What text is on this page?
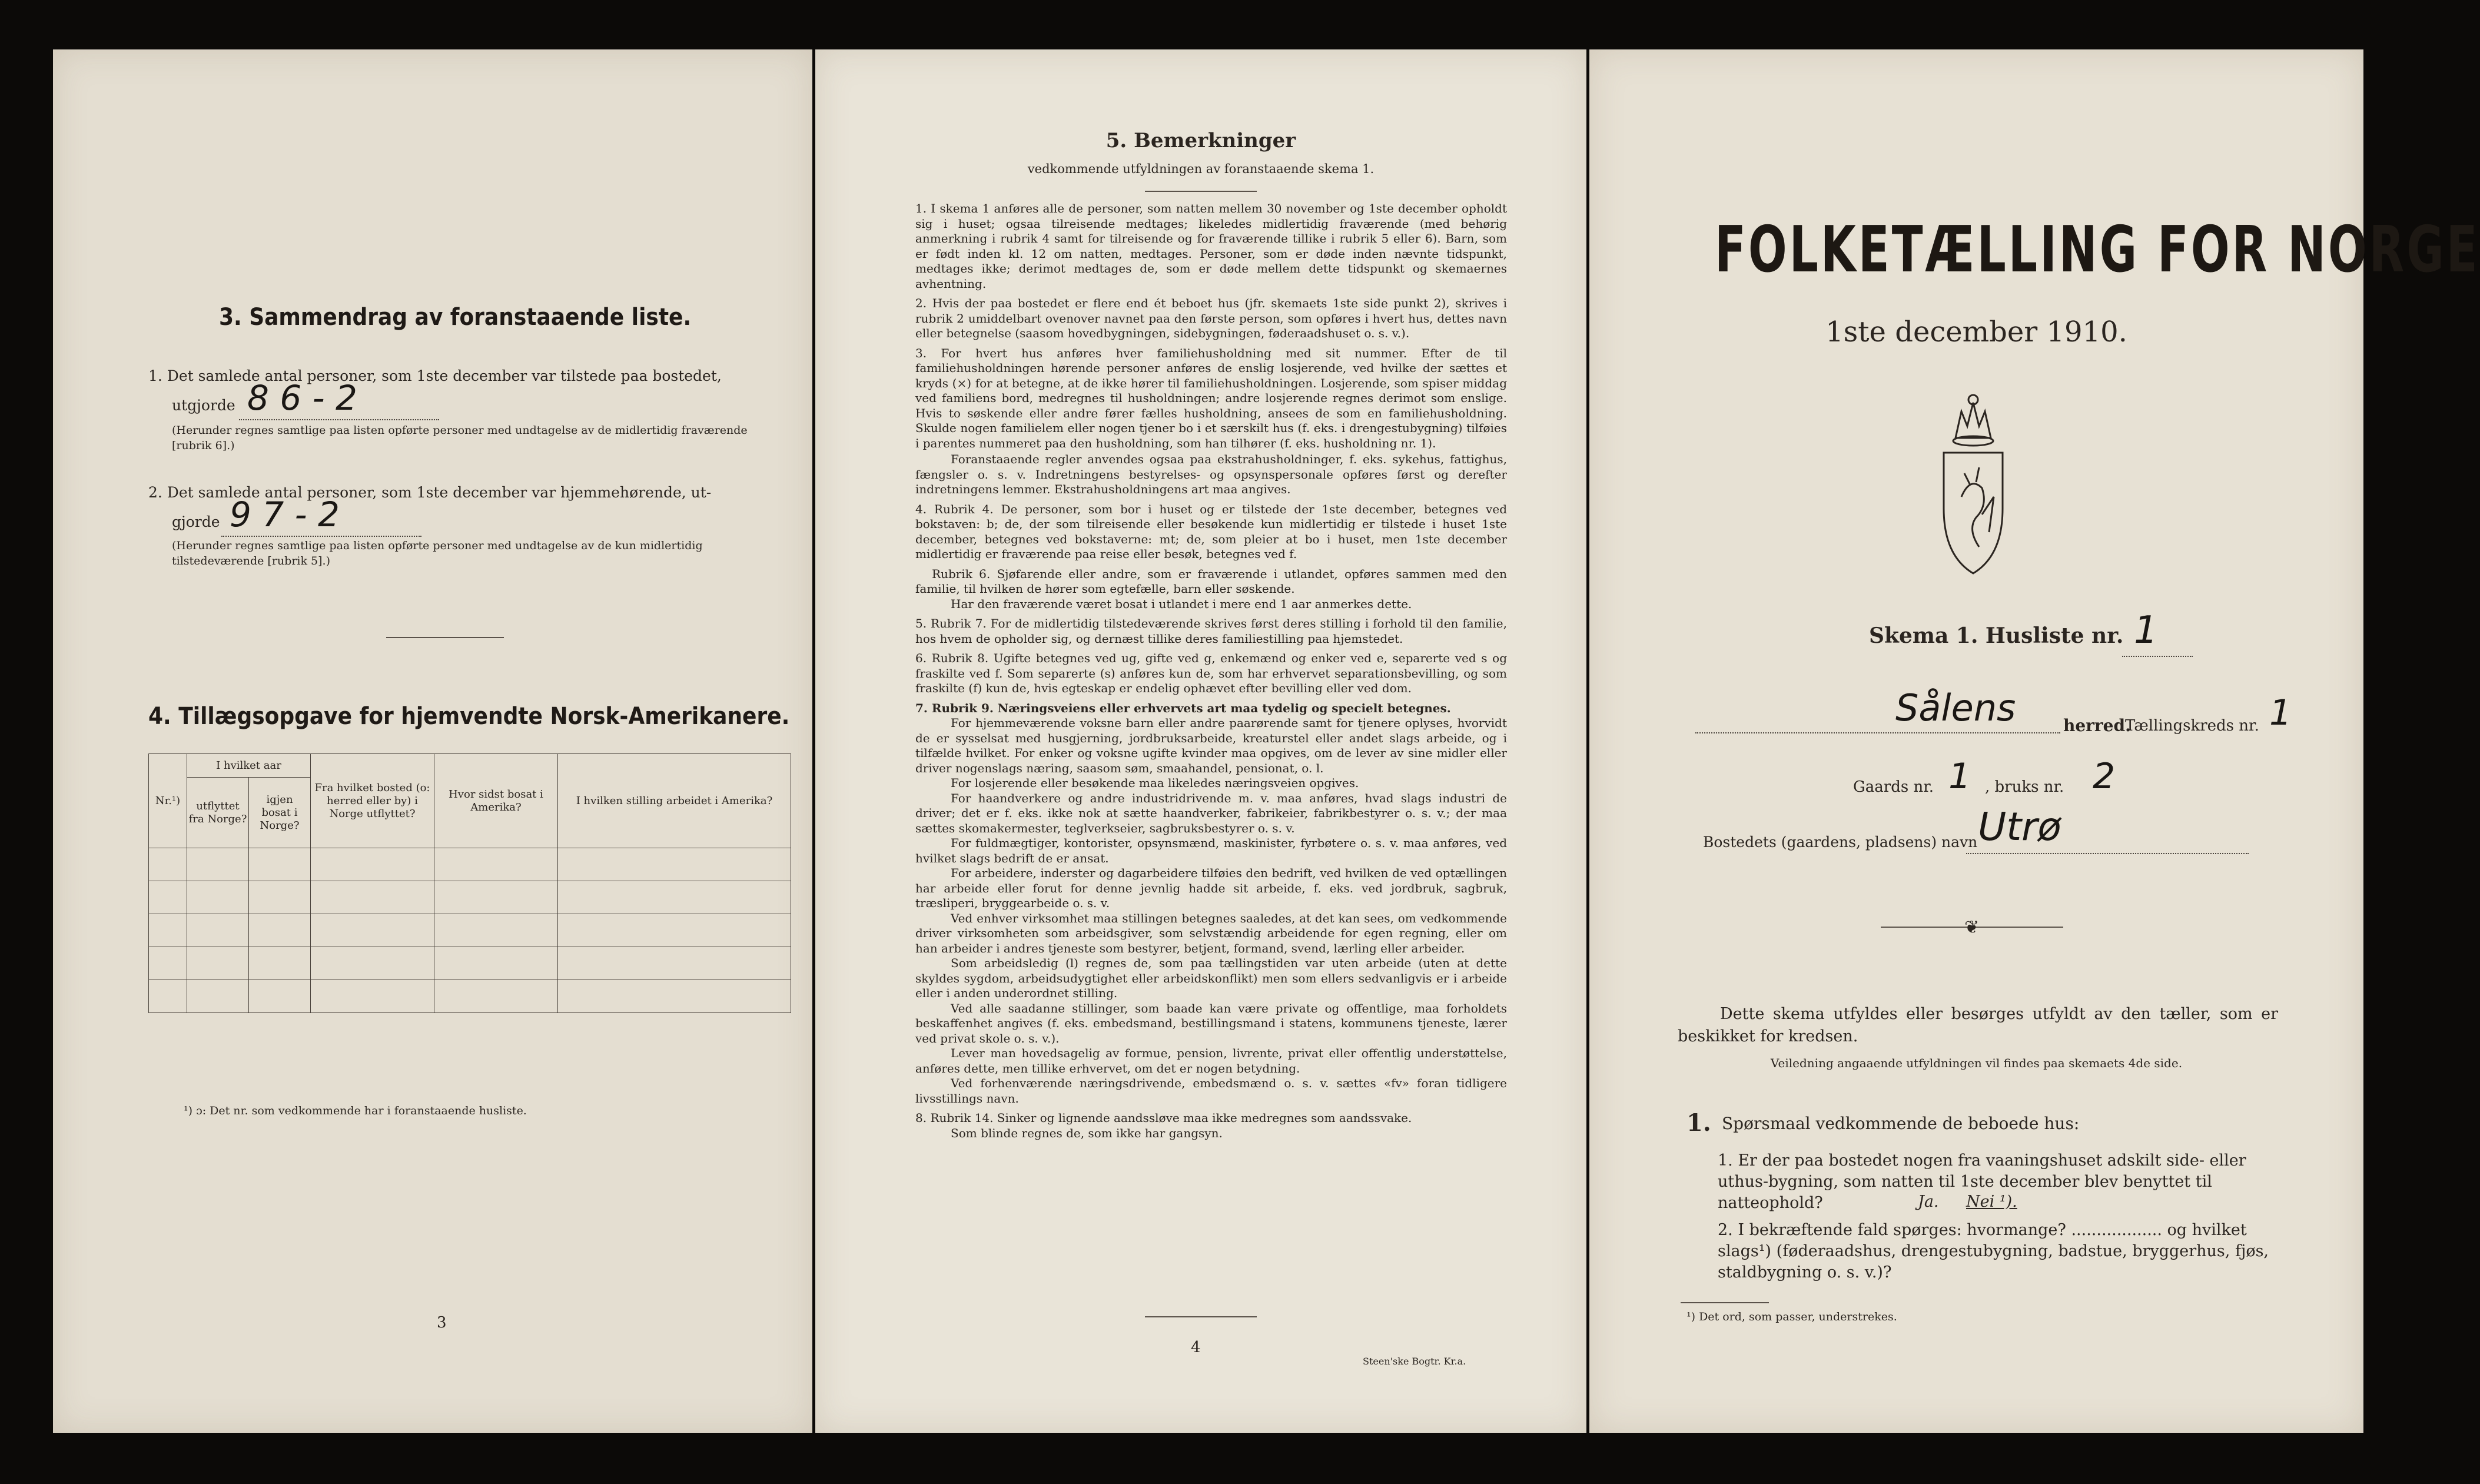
3. Sammendrag av foranstaaende liste.
1. Det samlede antal personer, som 1ste december var tilstede paa bostedet,
utgjorde 8 6 - 2
(Herunder regnes samtlige paa listen opførte personer med undtagelse av de midlertidig fraværende [rubrik 6].)
2. Det samlede antal personer, som 1ste december var hjemmehørende, ut-
gjorde 9 7 - 2
(Herunder regnes samtlige paa listen opførte personer med undtagelse av de kun midlertidig tilstedeværende [rubrik 5].)
4. Tillægsopgave for hjemvendte Norsk-Amerikanere.
Nr.¹)	I hvilket aar		Fra hvilket bosted (o: herred eller by) i Norge utflyttet?	Hvor sidst bosat i Amerika?	I hvilken stilling arbeidet i Amerika?
	utflyttet fra Norge?	igjen bosat i Norge?			

¹) ɔ: Det nr. som vedkommende har i foranstaaende husliste.
3
5. Bemerkninger
vedkommende utfyldningen av foranstaaende skema 1.
1. I skema 1 anføres alle de personer, som natten mellem 30 november og 1ste december opholdt sig i huset; ogsaa tilreisende medtages; likeledes midlertidig fraværende (med behørig anmerkning i rubrik 4 samt for tilreisende og for fraværende tillike i rubrik 5 eller 6). Barn, som er født inden kl. 12 om natten, medtages. Personer, som er døde inden nævnte tidspunkt, medtages ikke; derimot medtages de, som er døde mellem dette tidspunkt og skemaernes avhentning.
2. Hvis der paa bostedet er flere end ét beboet hus (jfr. skemaets 1ste side punkt 2), skrives i rubrik 2 umiddelbart ovenover navnet paa den første person, som opføres i hvert hus, dettes navn eller betegnelse (saasom hovedbygningen, sidebygningen, føderaadshuset o. s. v.).
3. For hvert hus anføres hver familiehusholdning med sit nummer. Efter de til familiehusholdningen hørende personer anføres de enslig losjerende, ved hvilke der sættes et kryds (×) for at betegne, at de ikke hører til familiehusholdningen. Losjerende, som spiser middag ved familiens bord, medregnes til husholdningen; andre losjerende regnes derimot som enslige. Hvis to søskende eller andre fører fælles husholdning, ansees de som en familiehusholdning. Skulde nogen familielem eller nogen tjener bo i et særskilt hus (f. eks. i drengestubygning) tilføies i parentes nummeret paa den husholdning, som han tilhører (f. eks. husholdning nr. 1).
Foranstaaende regler anvendes ogsaa paa ekstrahusholdninger, f. eks. sykehus, fattighus, fængsler o. s. v. Indretningens bestyrelses- og opsynspersonale opføres først og derefter indretningens lemmer. Ekstrahusholdningens art maa angives.
4. Rubrik 4. De personer, som bor i huset og er tilstede der 1ste december, betegnes ved bokstaven: b; de, der som tilreisende eller besøkende kun midlertidig er tilstede i huset 1ste december, betegnes ved bokstaverne: mt; de, som pleier at bo i huset, men 1ste december midlertidig er fraværende paa reise eller besøk, betegnes ved f.
Rubrik 6. Sjøfarende eller andre, som er fraværende i utlandet, opføres sammen med den familie, til hvilken de hører som egtefælle, barn eller søskende.
Har den fraværende været bosat i utlandet i mere end 1 aar anmerkes dette.
5. Rubrik 7. For de midlertidig tilstedeværende skrives først deres stilling i forhold til den familie, hos hvem de opholder sig, og dernæst tillike deres familiestilling paa hjemstedet.
6. Rubrik 8. Ugifte betegnes ved ug, gifte ved g, enkemænd og enker ved e, separerte ved s og fraskilte ved f. Som separerte (s) anføres kun de, som har erhvervet separationsbevilling, og som fraskilte (f) kun de, hvis egteskap er endelig ophævet efter bevilling eller ved dom.
7. Rubrik 9. Næringsveiens eller erhvervets art maa tydelig og specielt betegnes.
For hjemmeværende voksne barn eller andre paarørende samt for tjenere oplyses, hvorvidt de er sysselsat med husgjerning, jordbruksarbeide, kreaturstel eller andet slags arbeide, og i tilfælde hvilket. For enker og voksne ugifte kvinder maa opgives, om de lever av sine midler eller driver nogenslags næring, saasom søm, smaahandel, pensionat, o. l.
For losjerende eller besøkende maa likeledes næringsveien opgives.
For haandverkere og andre industridrivende m. v. maa anføres, hvad slags industri de driver; det er f. eks. ikke nok at sætte haandverker, fabrikeier, fabrikbestyrer o. s. v.; der maa sættes skomakermester, teglverkseier, sagbruksbestyrer o. s. v.
For fuldmægtiger, kontorister, opsynsmænd, maskinister, fyrbøtere o. s. v. maa anføres, ved hvilket slags bedrift de er ansat.
For arbeidere, inderster og dagarbeidere tilføies den bedrift, ved hvilken de ved optællingen har arbeide eller forut for denne jevnlig hadde sit arbeide, f. eks. ved jordbruk, sagbruk, træsliperi, bryggearbeide o. s. v.
Ved enhver virksomhet maa stillingen betegnes saaledes, at det kan sees, om vedkommende driver virksomheten som arbeidsgiver, som selvstændig arbeidende for egen regning, eller om han arbeider i andres tjeneste som bestyrer, betjent, formand, svend, lærling eller arbeider.
Som arbeidsledig (l) regnes de, som paa tællingstiden var uten arbeide (uten at dette skyldes sygdom, arbeidsudygtighet eller arbeidskonflikt) men som ellers sedvanligvis er i arbeide eller i anden underordnet stilling.
Ved alle saadanne stillinger, som baade kan være private og offentlige, maa forholdets beskaffenhet angives (f. eks. embedsmand, bestillingsmand i statens, kommunens tjeneste, lærer ved privat skole o. s. v.).
Lever man hovedsagelig av formue, pension, livrente, privat eller offentlig understøttelse, anføres dette, men tillike erhvervet, om det er nogen betydning.
Ved forhenværende næringsdrivende, embedsmænd o. s. v. sættes «fv» foran tidligere livsstillings navn.
8. Rubrik 14. Sinker og lignende aandssløve maa ikke medregnes som aandssvake.
Som blinde regnes de, som ikke har gangsyn.
4
Steen'ske Bogtr. Kr.a.
FOLKETÆLLING FOR NORGE
1ste december 1910.
Skema 1. Husliste nr. 1
Sålens	herred.
Tællingskreds nr. 1
Gaards nr. 1 , bruks nr. 2
Bostedets (gaardens, pladsens) navn Utrø
❦
Dette skema utfyldes eller besørges utfyldt av den tæller, som er beskikket for kredsen.
Veiledning angaaende utfyldningen vil findes paa skemaets 4de side.
1. Spørsmaal vedkommende de beboede hus:
1. Er der paa bostedet nogen fra vaaningshuset adskilt side- eller uthus-bygning, som natten til 1ste december blev benyttet til natteophold?	Ja. Nei ¹).
2. I bekræftende fald spørges: hvormange? .................. og hvilket slags¹) (føderaadshus, drengestubygning, badstue, bryggerhus, fjøs, staldbygning o. s. v.)?
¹) Det ord, som passer, understrekes.
